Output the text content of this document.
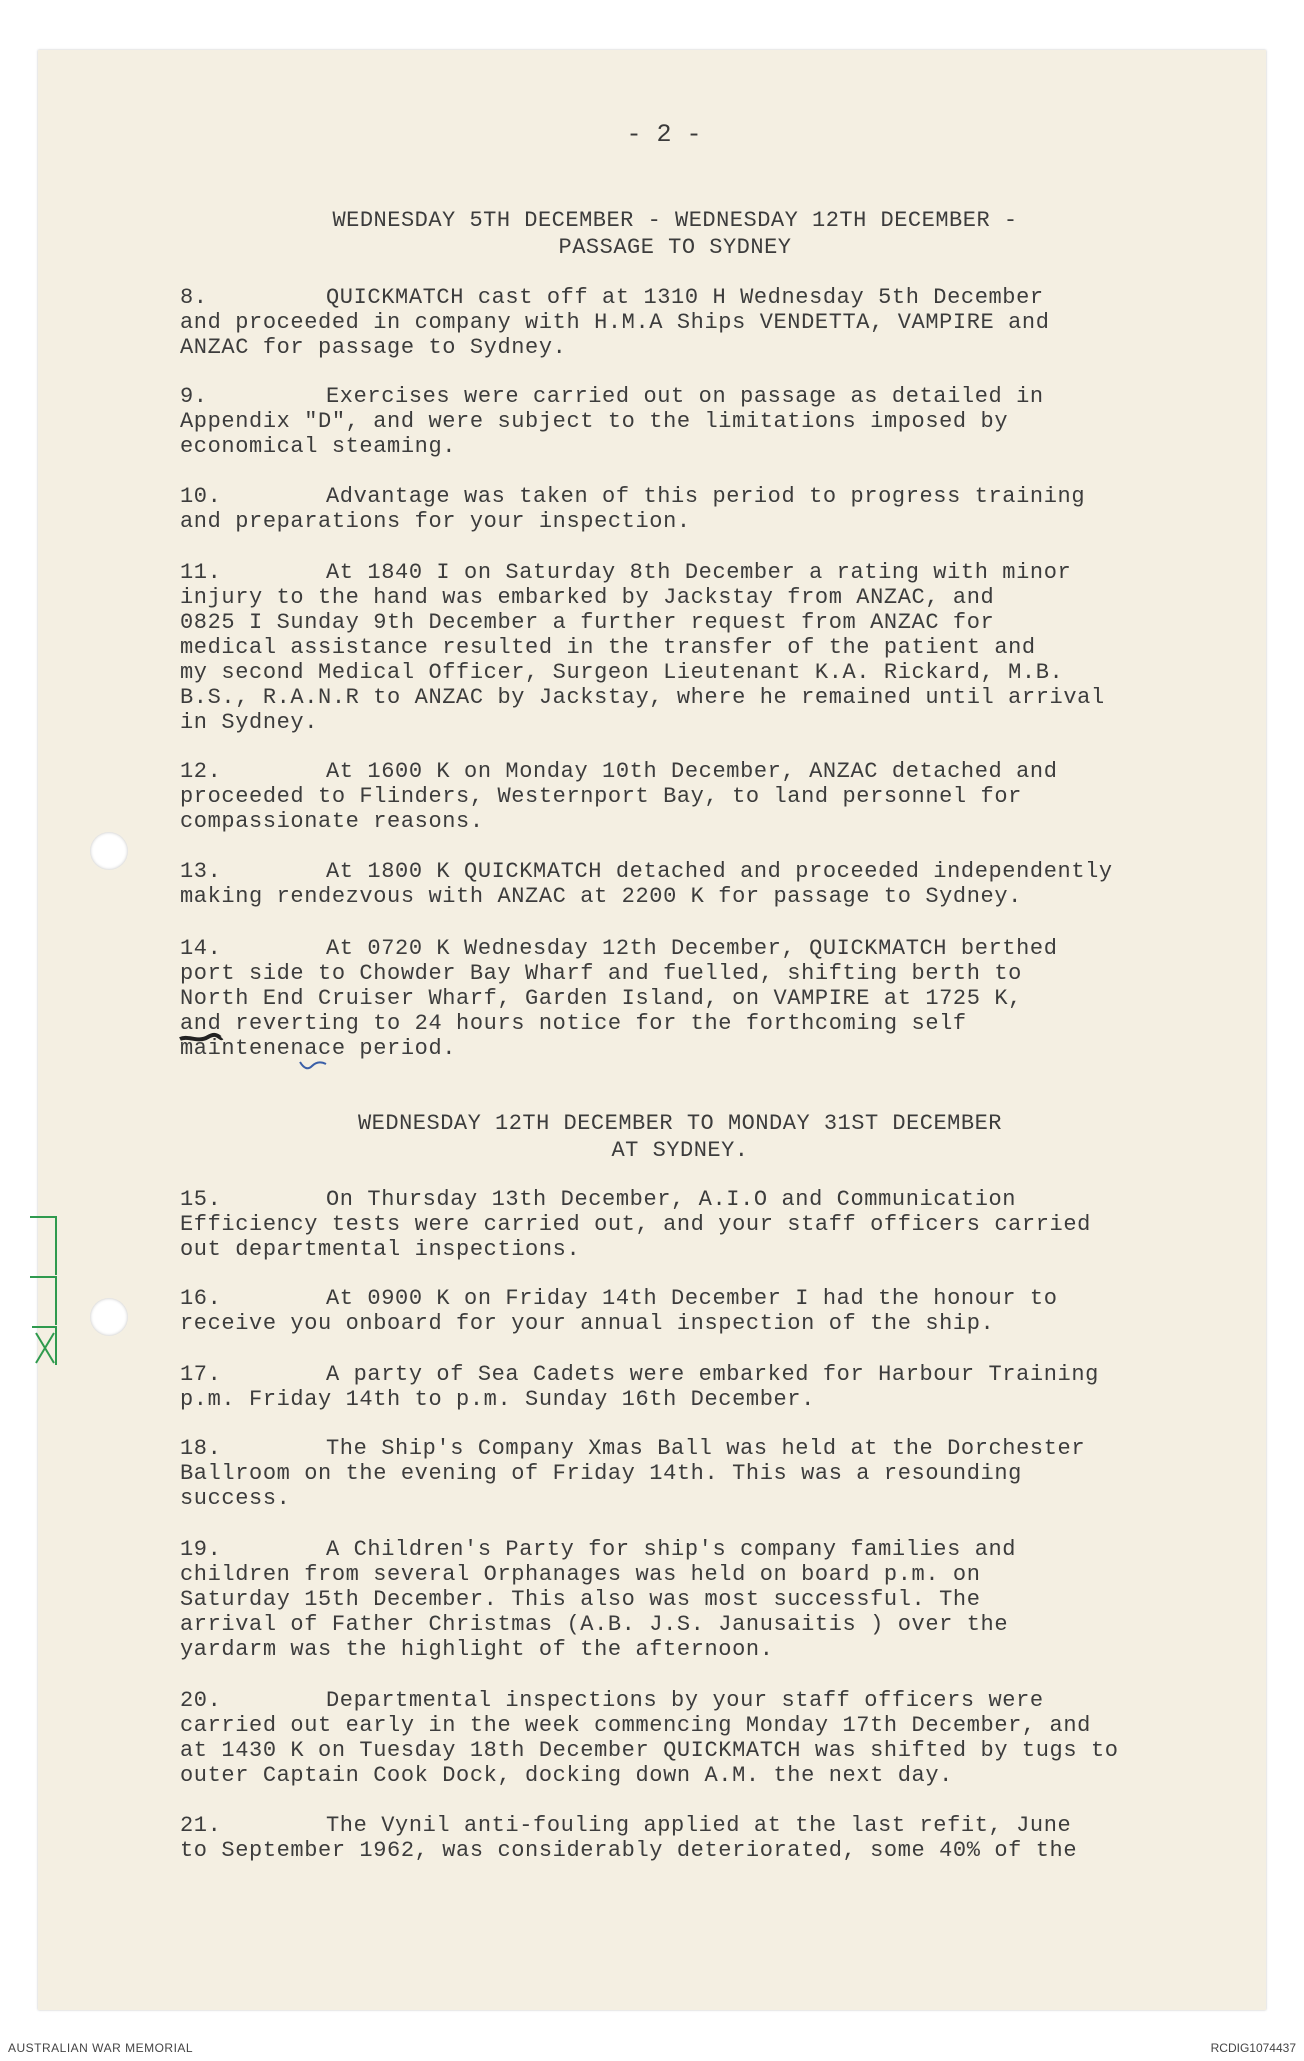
- 2 -
WEDNESDAY 5TH DECEMBER - WEDNESDAY 12TH DECEMBER -
PASSAGE TO SYDNEY
8.	QUICKMATCH cast off at 1310 H Wednesday 5th December
and proceeded in company with H.M.A Ships VENDETTA, VAMPIRE and
ANZAC for passage to Sydney.
9.	Exercises were carried out on passage as detailed in
Appendix "D", and were subject to the limitations imposed by
economical steaming.
10.	Advantage was taken of this period to progress training
and preparations for your inspection.
11.	At 1840 I on Saturday 8th December a rating with minor
injury to the hand was embarked by Jackstay from ANZAC, and
0825 I Sunday 9th December a further request from ANZAC for
medical assistance resulted in the transfer of the patient and
my second Medical Officer, Surgeon Lieutenant K.A. Rickard, M.B.
B.S., R.A.N.R to ANZAC by Jackstay, where he remained until arrival
in Sydney.
12.	At 1600 K on Monday 10th December, ANZAC detached and
proceeded to Flinders, Westernport Bay, to land personnel for
compassionate reasons.
13.	At 1800 K QUICKMATCH detached and proceeded independently
making rendezvous with ANZAC at 2200 K for passage to Sydney.
14.	At 0720 K Wednesday 12th December, QUICKMATCH berthed
port side to Chowder Bay Wharf and fuelled, shifting berth to
North End Cruiser Wharf, Garden Island, on VAMPIRE at 1725 K,
and reverting to 24 hours notice for the forthcoming self
maintenenace period.
WEDNESDAY 12TH DECEMBER TO MONDAY 31ST DECEMBER
AT SYDNEY.
15.	On Thursday 13th December, A.I.O and Communication
Efficiency tests were carried out, and your staff officers carried
out departmental inspections.
16.	At 0900 K on Friday 14th December I had the honour to
receive you onboard for your annual inspection of the ship.
17.	A party of Sea Cadets were embarked for Harbour Training
p.m. Friday 14th to p.m. Sunday 16th December.
18.	The Ship's Company Xmas Ball was held at the Dorchester
Ballroom on the evening of Friday 14th. This was a resounding
success.
19.	A Children's Party for ship's company families and
children from several Orphanages was held on board p.m. on
Saturday 15th December. This also was most successful. The
arrival of Father Christmas (A.B. J.S. Janusaitis ) over the
yardarm was the highlight of the afternoon.
20.	Departmental inspections by your staff officers were
carried out early in the week commencing Monday 17th December, and
at 1430 K on Tuesday 18th December QUICKMATCH was shifted by tugs to
outer Captain Cook Dock, docking down A.M. the next day.
21.	The Vynil anti-fouling applied at the last refit, June
to September 1962, was considerably deteriorated, some 40% of the
AUSTRALIAN WAR MEMORIAL	RCDIG1074437
